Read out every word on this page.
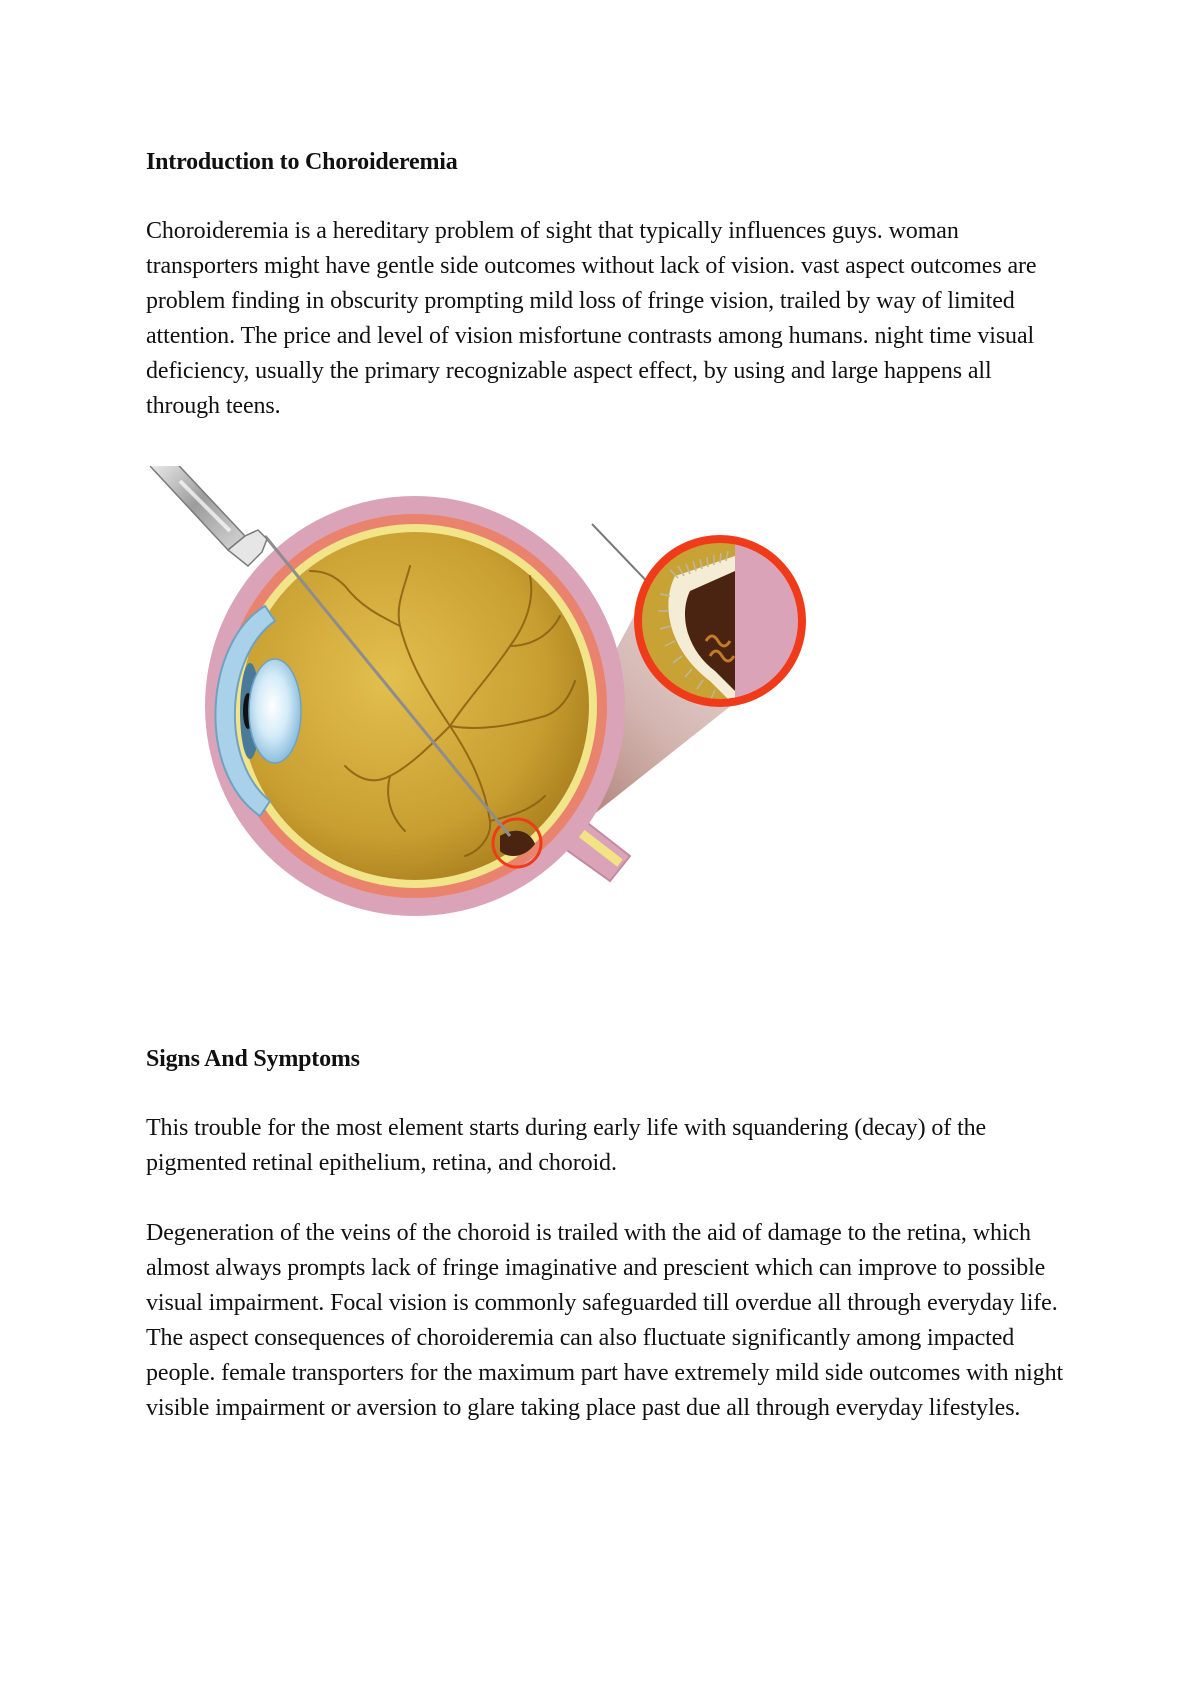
Introduction to Choroideremia

Choroideremia is a hereditary problem of sight that typically influences guys. woman transporters might have gentle side outcomes without lack of vision. vast aspect outcomes are problem finding in obscurity prompting mild loss of fringe vision, trailed by way of limited attention. The price and level of vision misfortune contrasts among humans. night time visual deficiency, usually the primary recognizable aspect effect, by using and large happens all through teens.

Signs And Symptoms

This trouble for the most element starts during early life with squandering (decay) of the pigmented retinal epithelium, retina, and choroid.

Degeneration of the veins of the choroid is trailed with the aid of damage to the retina, which almost always prompts lack of fringe imaginative and prescient which can improve to possible visual impairment. Focal vision is commonly safeguarded till overdue all through everyday life. The aspect consequences of choroideremia can also fluctuate significantly among impacted people. female transporters for the maximum part have extremely mild side outcomes with night visible impairment or aversion to glare taking place past due all through everyday lifestyles.
